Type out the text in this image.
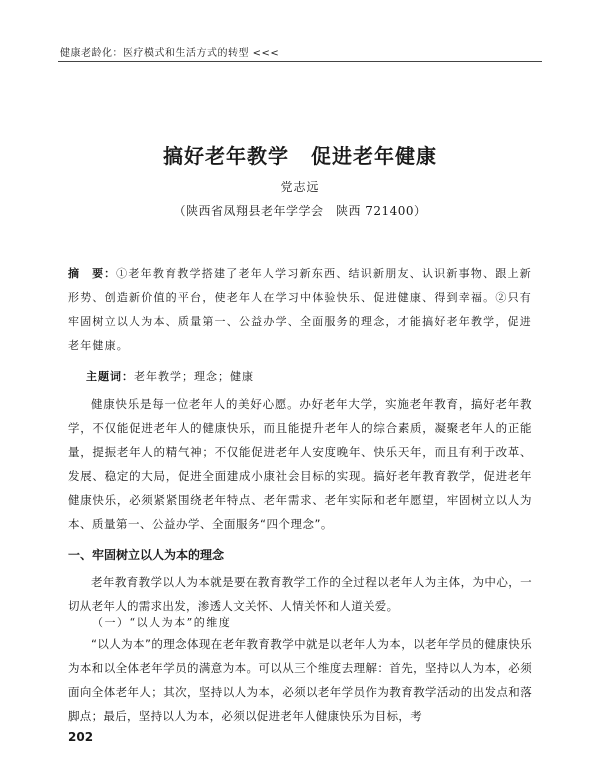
健康老龄化：医疗模式和生活方式的转型 <<<
搞好老年教学 促进老年健康
党志远
（陕西省凤翔县老年学学会　陕西 721400）
摘　要：①老年教育教学搭建了老年人学习新东西、结识新朋友、认识新事物、跟上新形势、创造新价值的平台，使老年人在学习中体验快乐、促进健康、得到幸福。②只有牢固树立以人为本、质量第一、公益办学、全面服务的理念，才能搞好老年教学，促进老年健康。
主题词：老年教学；理念；健康
健康快乐是每一位老年人的美好心愿。办好老年大学，实施老年教育，搞好老年教学，不仅能促进老年人的健康快乐，而且能提升老年人的综合素质，凝聚老年人的正能量，提振老年人的精气神；不仅能促进老年人安度晚年、快乐天年，而且有利于改革、发展、稳定的大局，促进全面建成小康社会目标的实现。搞好老年教育教学，促进老年健康快乐，必须紧紧围绕老年特点、老年需求、老年实际和老年愿望，牢固树立以人为本、质量第一、公益办学、全面服务“四个理念”。
一、牢固树立以人为本的理念
老年教育教学以人为本就是要在教育教学工作的全过程以老年人为主体，为中心，一切从老年人的需求出发，渗透人文关怀、人情关怀和人道关爱。
（一）“以人为本”的维度
“以人为本”的理念体现在老年教育教学中就是以老年人为本，以老年学员的健康快乐为本和以全体老年学员的满意为本。可以从三个维度去理解：首先，坚持以人为本，必须面向全体老年人；其次，坚持以人为本，必须以老年学员作为教育教学活动的出发点和落脚点；最后，坚持以人为本，必须以促进老年人健康快乐为目标，考
202
